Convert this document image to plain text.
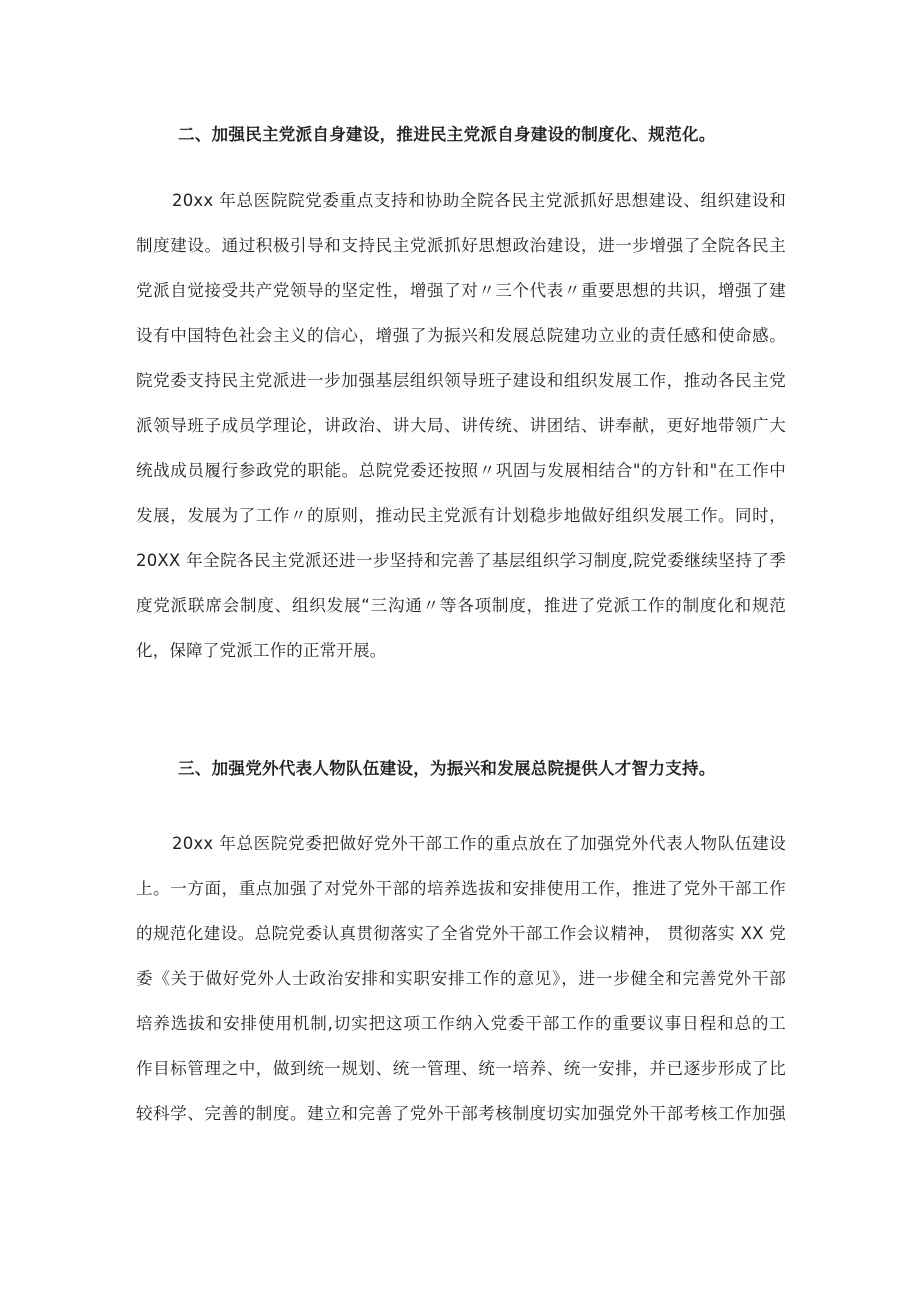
二、加强民主党派自身建设，推进民主党派自身建设的制度化、规范化。
20xx 年总医院院党委重点支持和协助全院各民主党派抓好思想建设、组织建设和
制度建设。通过积极引导和支持民主党派抓好思想政治建设，进一步增强了全院各民主
党派自觉接受共产党领导的坚定性，增强了对〃三个代表〃重要思想的共识，增强了建
设有中国特色社会主义的信心，增强了为振兴和发展总院建功立业的责任感和使命感。
院党委支持民主党派进一步加强基层组织领导班子建设和组织发展工作，推动各民主党
派领导班子成员学理论，讲政治、讲大局、讲传统、讲团结、讲奉献，更好地带领广大
统战成员履行参政党的职能。总院党委还按照〃巩固与发展相结合"的方针和"在工作中
发展，发展为了工作〃的原则，推动民主党派有计划稳步地做好组织发展工作。同时，
20XX 年全院各民主党派还进一步坚持和完善了基层组织学习制度,院党委继续坚持了季
度党派联席会制度、组织发展“三沟通〃等各项制度，推进了党派工作的制度化和规范
化，保障了党派工作的正常开展。
三、加强党外代表人物队伍建设，为振兴和发展总院提供人才智力支持。
20xx 年总医院党委把做好党外干部工作的重点放在了加强党外代表人物队伍建设
上。一方面，重点加强了对党外干部的培养选拔和安排使用工作，推进了党外干部工作
的规范化建设。总院党委认真贯彻落实了全省党外干部工作会议精神， 贯彻落实 XX 党
委《关于做好党外人士政治安排和实职安排工作的意见》，进一步健全和完善党外干部
培养选拔和安排使用机制,切实把这项工作纳入党委干部工作的重要议事日程和总的工
作目标管理之中，做到统一规划、统一管理、统一培养、统一安排，并已逐步形成了比
较科学、完善的制度。建立和完善了党外干部考核制度切实加强党外干部考核工作加强
